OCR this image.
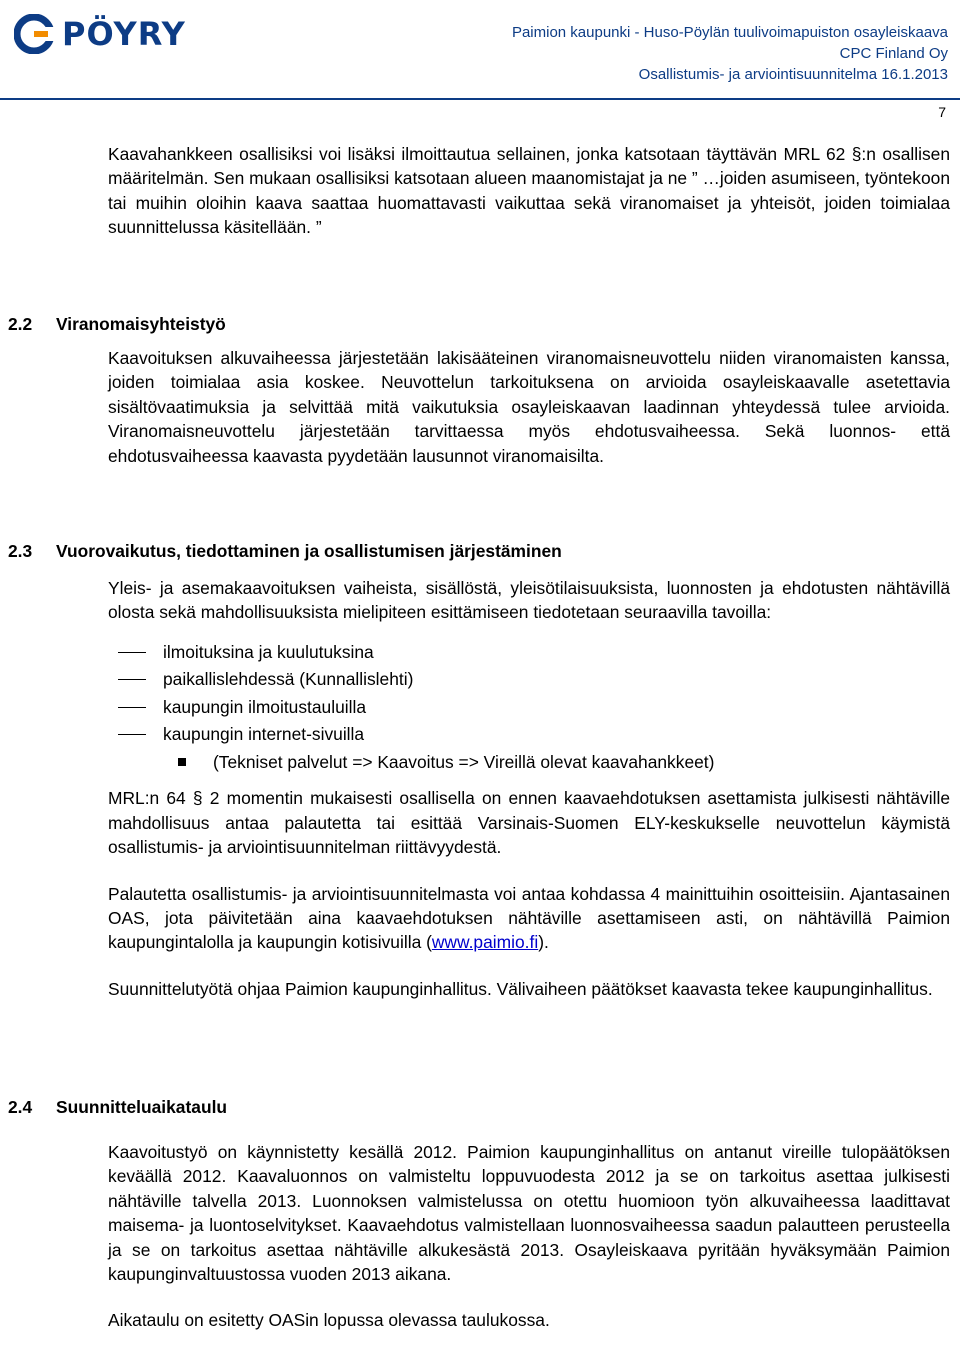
PÖYRY	Paimion kaupunki - Huso-Pöylän tuulivoimapuiston osayleiskaava
CPC Finland Oy
Osallistumis- ja arviointisuunnitelma 16.1.2013
7

Kaavahankkeen osallisiksi voi lisäksi ilmoittautua sellainen, jonka katsotaan täyttävän MRL 62 §:n osallisen määritelmän. Sen mukaan osallisiksi katsotaan alueen maanomistajat ja ne ” …joiden asumiseen, työntekoon tai muihin oloihin kaava saattaa huomattavasti vaikuttaa sekä viranomaiset ja yhteisöt, joiden toimialaa suunnittelussa käsitellään. ”

2.2 Viranomaisyhteistyö

Kaavoituksen alkuvaiheessa järjestetään lakisääteinen viranomaisneuvottelu niiden viranomaisten kanssa, joiden toimialaa asia koskee. Neuvottelun tarkoituksena on arvioida osayleiskaavalle asetettavia sisältövaatimuksia ja selvittää mitä vaikutuksia osayleiskaavan laadinnan yhteydessä tulee arvioida. Viranomaisneuvottelu järjestetään tarvittaessa myös ehdotusvaiheessa. Sekä luonnos- että ehdotusvaiheessa kaavasta pyydetään lausunnot viranomaisilta.

2.3 Vuorovaikutus, tiedottaminen ja osallistumisen järjestäminen

Yleis- ja asemakaavoituksen vaiheista, sisällöstä, yleisötilaisuuksista, luonnosten ja ehdotusten nähtävillä olosta sekä mahdollisuuksista mielipiteen esittämiseen tiedotetaan seuraavilla tavoilla:

ilmoituksina ja kuulutuksina
paikallislehdessä (Kunnallislehti)
kaupungin ilmoitustauluilla
kaupungin internet-sivuilla
(Tekniset palvelut => Kaavoitus => Vireillä olevat kaavahankkeet)

MRL:n 64 § 2 momentin mukaisesti osallisella on ennen kaavaehdotuksen asettamista julkisesti nähtäville mahdollisuus antaa palautetta tai esittää Varsinais-Suomen ELY-keskukselle neuvottelun käymistä osallistumis- ja arviointisuunnitelman riittävyydestä.

Palautetta osallistumis- ja arviointisuunnitelmasta voi antaa kohdassa 4 mainittuihin osoitteisiin. Ajantasainen OAS, jota päivitetään aina kaavaehdotuksen nähtäville asettamiseen asti, on nähtävillä Paimion kaupungintalolla ja kaupungin kotisivuilla (www.paimio.fi).

Suunnittelutyötä ohjaa Paimion kaupunginhallitus. Välivaiheen päätökset kaavasta tekee kaupunginhallitus.

2.4 Suunnitteluaikataulu

Kaavoitustyö on käynnistetty kesällä 2012. Paimion kaupunginhallitus on antanut vireille tulopäätöksen keväällä 2012. Kaavaluonnos on valmisteltu loppuvuodesta 2012 ja se on tarkoitus asettaa julkisesti nähtäville talvella 2013. Luonnoksen valmistelussa on otettu huomioon työn alkuvaiheessa laadittavat maisema- ja luontoselvitykset. Kaavaehdotus valmistellaan luonnosvaiheessa saadun palautteen perusteella ja se on tarkoitus asettaa nähtäville alkukesästä 2013. Osayleiskaava pyritään hyväksymään Paimion kaupunginvaltuustossa vuoden 2013 aikana.

Aikataulu on esitetty OASin lopussa olevassa taulukossa.
